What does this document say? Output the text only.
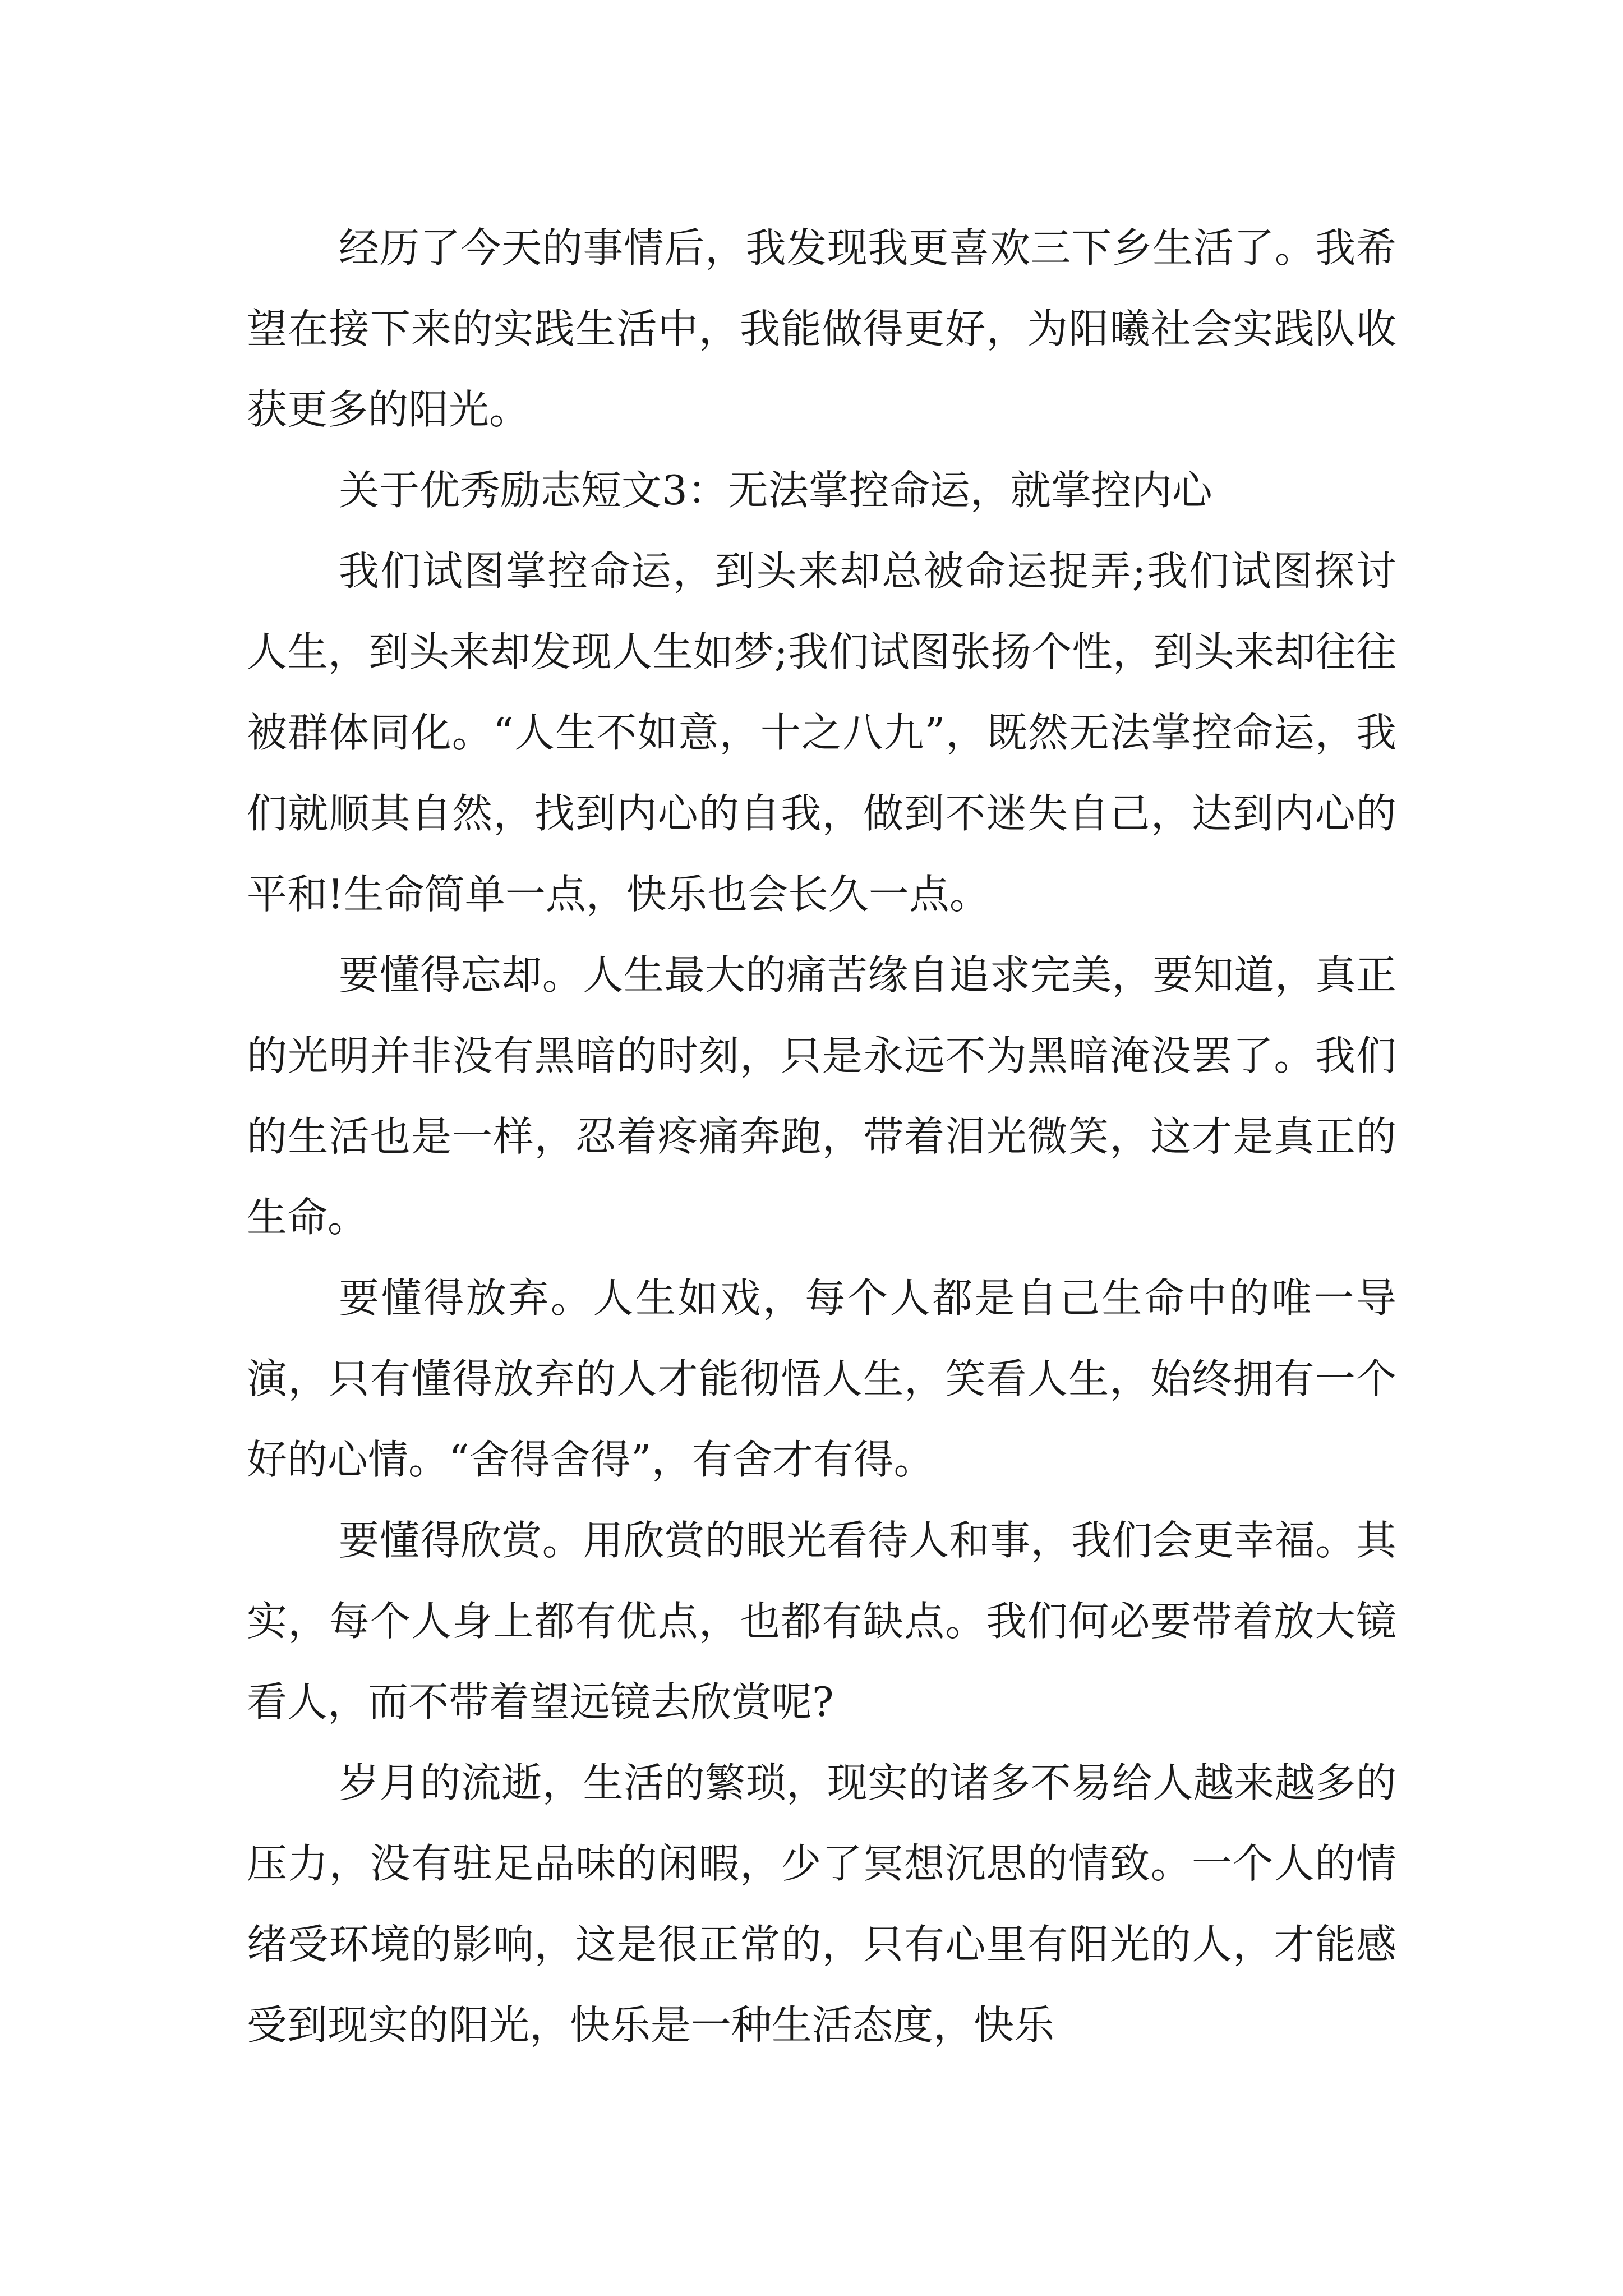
经历了今天的事情后，我发现我更喜欢三下乡生活了。我希望在接下来的实践生活中，我能做得更好，为阳曦社会实践队收获更多的阳光。

关于优秀励志短文3：无法掌控命运，就掌控内心

我们试图掌控命运，到头来却总被命运捉弄;我们试图探讨人生，到头来却发现人生如梦;我们试图张扬个性，到头来却往往被群体同化。“人生不如意，十之八九”，既然无法掌控命运，我们就顺其自然，找到内心的自我，做到不迷失自己，达到内心的平和!生命简单一点，快乐也会长久一点。

要懂得忘却。人生最大的痛苦缘自追求完美，要知道，真正的光明并非没有黑暗的时刻，只是永远不为黑暗淹没罢了。我们的生活也是一样，忍着疼痛奔跑，带着泪光微笑，这才是真正的生命。

要懂得放弃。人生如戏，每个人都是自己生命中的唯一导演，只有懂得放弃的人才能彻悟人生，笑看人生，始终拥有一个好的心情。“舍得舍得”，有舍才有得。

要懂得欣赏。用欣赏的眼光看待人和事，我们会更幸福。其实，每个人身上都有优点，也都有缺点。我们何必要带着放大镜看人，而不带着望远镜去欣赏呢?

岁月的流逝，生活的繁琐，现实的诸多不易给人越来越多的压力，没有驻足品味的闲暇，少了冥想沉思的情致。一个人的情绪受环境的影响，这是很正常的，只有心里有阳光的人，才能感受到现实的阳光，快乐是一种生活态度，快乐
